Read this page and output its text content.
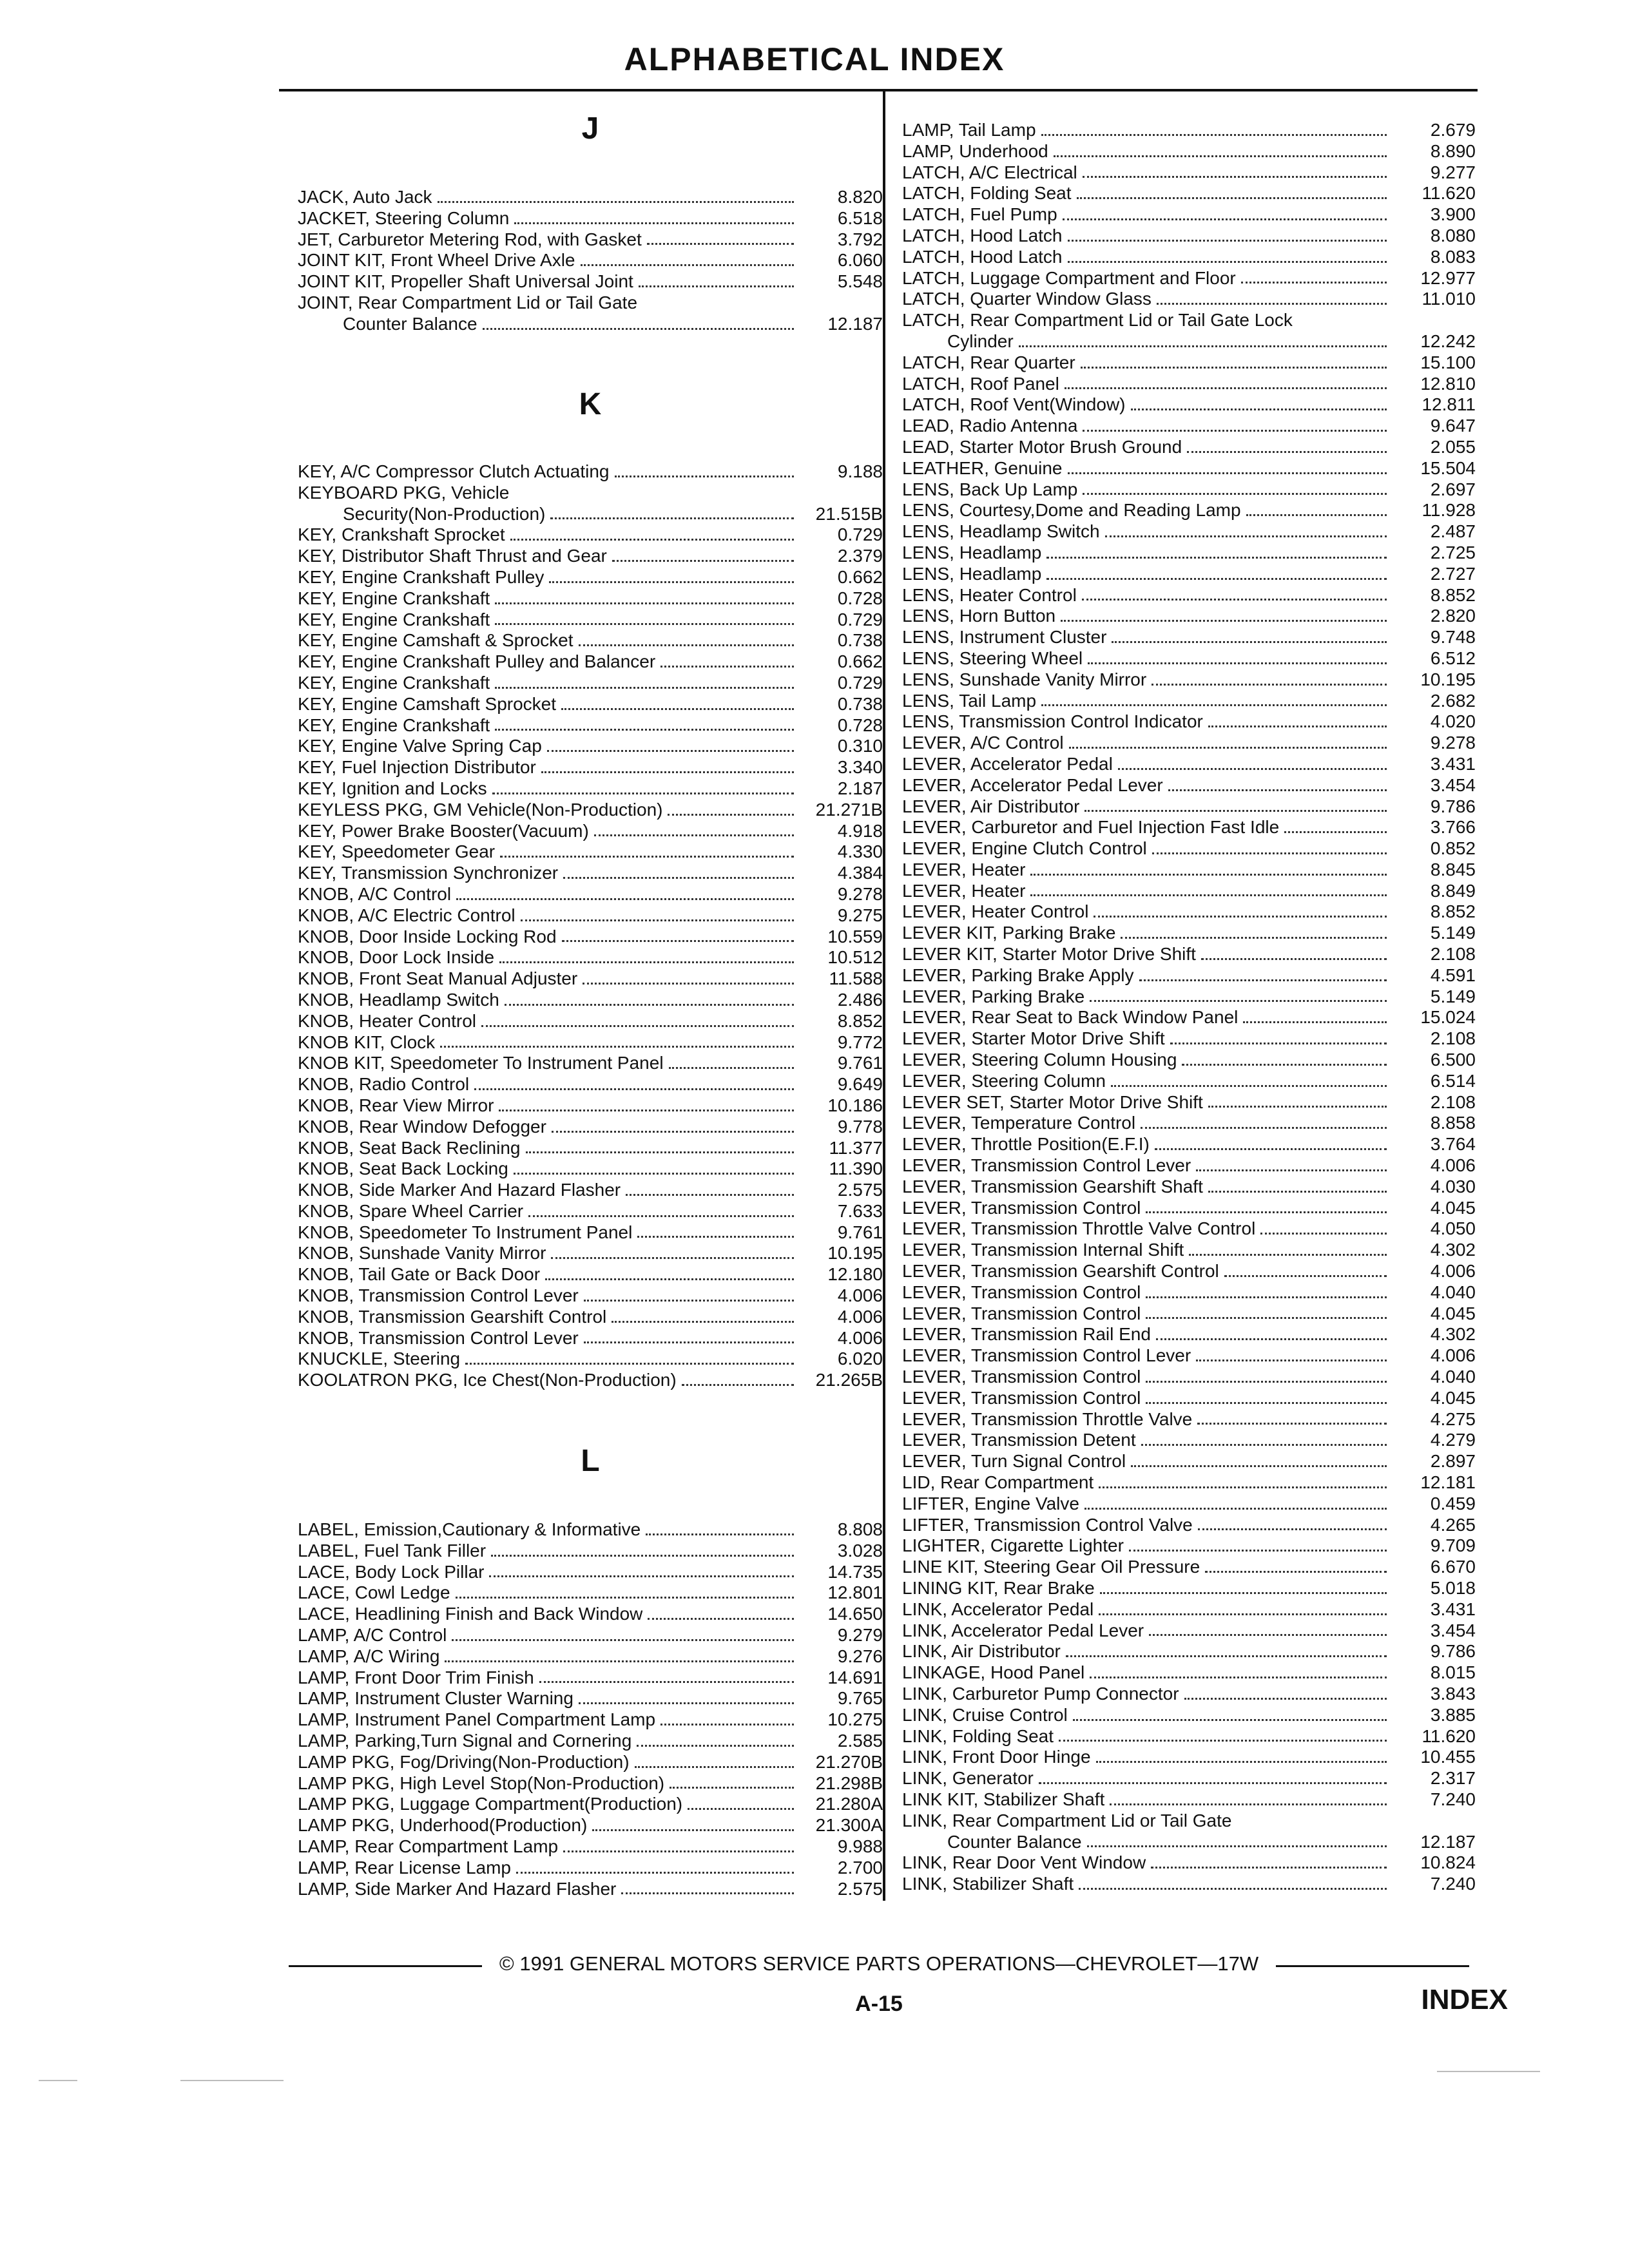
ALPHABETICAL INDEX
J
JACK, Auto Jack	8.820
JACKET, Steering Column	6.518
JET, Carburetor Metering Rod, with Gasket	3.792
JOINT KIT, Front Wheel Drive Axle	6.060
JOINT KIT, Propeller Shaft Universal Joint	5.548
JOINT, Rear Compartment Lid or Tail Gate
Counter Balance	12.187
K
KEY, A/C Compressor Clutch Actuating	9.188
KEYBOARD PKG, Vehicle
Security(Non-Production)	21.515B
KEY, Crankshaft Sprocket	0.729
KEY, Distributor Shaft Thrust and Gear	2.379
KEY, Engine Crankshaft Pulley	0.662
KEY, Engine Crankshaft	0.728
KEY, Engine Crankshaft	0.729
KEY, Engine Camshaft & Sprocket	0.738
KEY, Engine Crankshaft Pulley and Balancer	0.662
KEY, Engine Crankshaft	0.729
KEY, Engine Camshaft Sprocket	0.738
KEY, Engine Crankshaft	0.728
KEY, Engine Valve Spring Cap	0.310
KEY, Fuel Injection Distributor	3.340
KEY, Ignition and Locks	2.187
KEYLESS PKG, GM Vehicle(Non-Production)	21.271B
KEY, Power Brake Booster(Vacuum)	4.918
KEY, Speedometer Gear	4.330
KEY, Transmission Synchronizer	4.384
KNOB, A/C Control	9.278
KNOB, A/C Electric Control	9.275
KNOB, Door Inside Locking Rod	10.559
KNOB, Door Lock Inside	10.512
KNOB, Front Seat Manual Adjuster	11.588
KNOB, Headlamp Switch	2.486
KNOB, Heater Control	8.852
KNOB KIT, Clock	9.772
KNOB KIT, Speedometer To Instrument Panel	9.761
KNOB, Radio Control	9.649
KNOB, Rear View Mirror	10.186
KNOB, Rear Window Defogger	9.778
KNOB, Seat Back Reclining	11.377
KNOB, Seat Back Locking	11.390
KNOB, Side Marker And Hazard Flasher	2.575
KNOB, Spare Wheel Carrier	7.633
KNOB, Speedometer To Instrument Panel	9.761
KNOB, Sunshade Vanity Mirror	10.195
KNOB, Tail Gate or Back Door	12.180
KNOB, Transmission Control Lever	4.006
KNOB, Transmission Gearshift Control	4.006
KNOB, Transmission Control Lever	4.006
KNUCKLE, Steering	6.020
KOOLATRON PKG, Ice Chest(Non-Production)	21.265B
L
LABEL, Emission,Cautionary & Informative	8.808
LABEL, Fuel Tank Filler	3.028
LACE, Body Lock Pillar	14.735
LACE, Cowl Ledge	12.801
LACE, Headlining Finish and Back Window	14.650
LAMP, A/C Control	9.279
LAMP, A/C Wiring	9.276
LAMP, Front Door Trim Finish	14.691
LAMP, Instrument Cluster Warning	9.765
LAMP, Instrument Panel Compartment Lamp	10.275
LAMP, Parking,Turn Signal and Cornering	2.585
LAMP PKG, Fog/Driving(Non-Production)	21.270B
LAMP PKG, High Level Stop(Non-Production)	21.298B
LAMP PKG, Luggage Compartment(Production)	21.280A
LAMP PKG, Underhood(Production)	21.300A
LAMP, Rear Compartment Lamp	9.988
LAMP, Rear License Lamp	2.700
LAMP, Side Marker And Hazard Flasher	2.575
LAMP, Tail Lamp	2.679
LAMP, Underhood	8.890
LATCH, A/C Electrical	9.277
LATCH, Folding Seat	11.620
LATCH, Fuel Pump	3.900
LATCH, Hood Latch	8.080
LATCH, Hood Latch	8.083
LATCH, Luggage Compartment and Floor	12.977
LATCH, Quarter Window Glass	11.010
LATCH, Rear Compartment Lid or Tail Gate Lock
Cylinder	12.242
LATCH, Rear Quarter	15.100
LATCH, Roof Panel	12.810
LATCH, Roof Vent(Window)	12.811
LEAD, Radio Antenna	9.647
LEAD, Starter Motor Brush Ground	2.055
LEATHER, Genuine	15.504
LENS, Back Up Lamp	2.697
LENS, Courtesy,Dome and Reading Lamp	11.928
LENS, Headlamp Switch	2.487
LENS, Headlamp	2.725
LENS, Headlamp	2.727
LENS, Heater Control	8.852
LENS, Horn Button	2.820
LENS, Instrument Cluster	9.748
LENS, Steering Wheel	6.512
LENS, Sunshade Vanity Mirror	10.195
LENS, Tail Lamp	2.682
LENS, Transmission Control Indicator	4.020
LEVER, A/C Control	9.278
LEVER, Accelerator Pedal	3.431
LEVER, Accelerator Pedal Lever	3.454
LEVER, Air Distributor	9.786
LEVER, Carburetor and Fuel Injection Fast Idle	3.766
LEVER, Engine Clutch Control	0.852
LEVER, Heater	8.845
LEVER, Heater	8.849
LEVER, Heater Control	8.852
LEVER KIT, Parking Brake	5.149
LEVER KIT, Starter Motor Drive Shift	2.108
LEVER, Parking Brake Apply	4.591
LEVER, Parking Brake	5.149
LEVER, Rear Seat to Back Window Panel	15.024
LEVER, Starter Motor Drive Shift	2.108
LEVER, Steering Column Housing	6.500
LEVER, Steering Column	6.514
LEVER SET, Starter Motor Drive Shift	2.108
LEVER, Temperature Control	8.858
LEVER, Throttle Position(E.F.I)	3.764
LEVER, Transmission Control Lever	4.006
LEVER, Transmission Gearshift Shaft	4.030
LEVER, Transmission Control	4.045
LEVER, Transmission Throttle Valve Control	4.050
LEVER, Transmission Internal Shift	4.302
LEVER, Transmission Gearshift Control	4.006
LEVER, Transmission Control	4.040
LEVER, Transmission Control	4.045
LEVER, Transmission Rail End	4.302
LEVER, Transmission Control Lever	4.006
LEVER, Transmission Control	4.040
LEVER, Transmission Control	4.045
LEVER, Transmission Throttle Valve	4.275
LEVER, Transmission Detent	4.279
LEVER, Turn Signal Control	2.897
LID, Rear Compartment	12.181
LIFTER, Engine Valve	0.459
LIFTER, Transmission Control Valve	4.265
LIGHTER, Cigarette Lighter	9.709
LINE KIT, Steering Gear Oil Pressure	6.670
LINING KIT, Rear Brake	5.018
LINK, Accelerator Pedal	3.431
LINK, Accelerator Pedal Lever	3.454
LINK, Air Distributor	9.786
LINKAGE, Hood Panel	8.015
LINK, Carburetor Pump Connector	3.843
LINK, Cruise Control	3.885
LINK, Folding Seat	11.620
LINK, Front Door Hinge	10.455
LINK, Generator	2.317
LINK KIT, Stabilizer Shaft	7.240
LINK, Rear Compartment Lid or Tail Gate
Counter Balance	12.187
LINK, Rear Door Vent Window	10.824
LINK, Stabilizer Shaft	7.240
© 1991 GENERAL MOTORS SERVICE PARTS OPERATIONS—CHEVROLET—17W
A-15	INDEX
